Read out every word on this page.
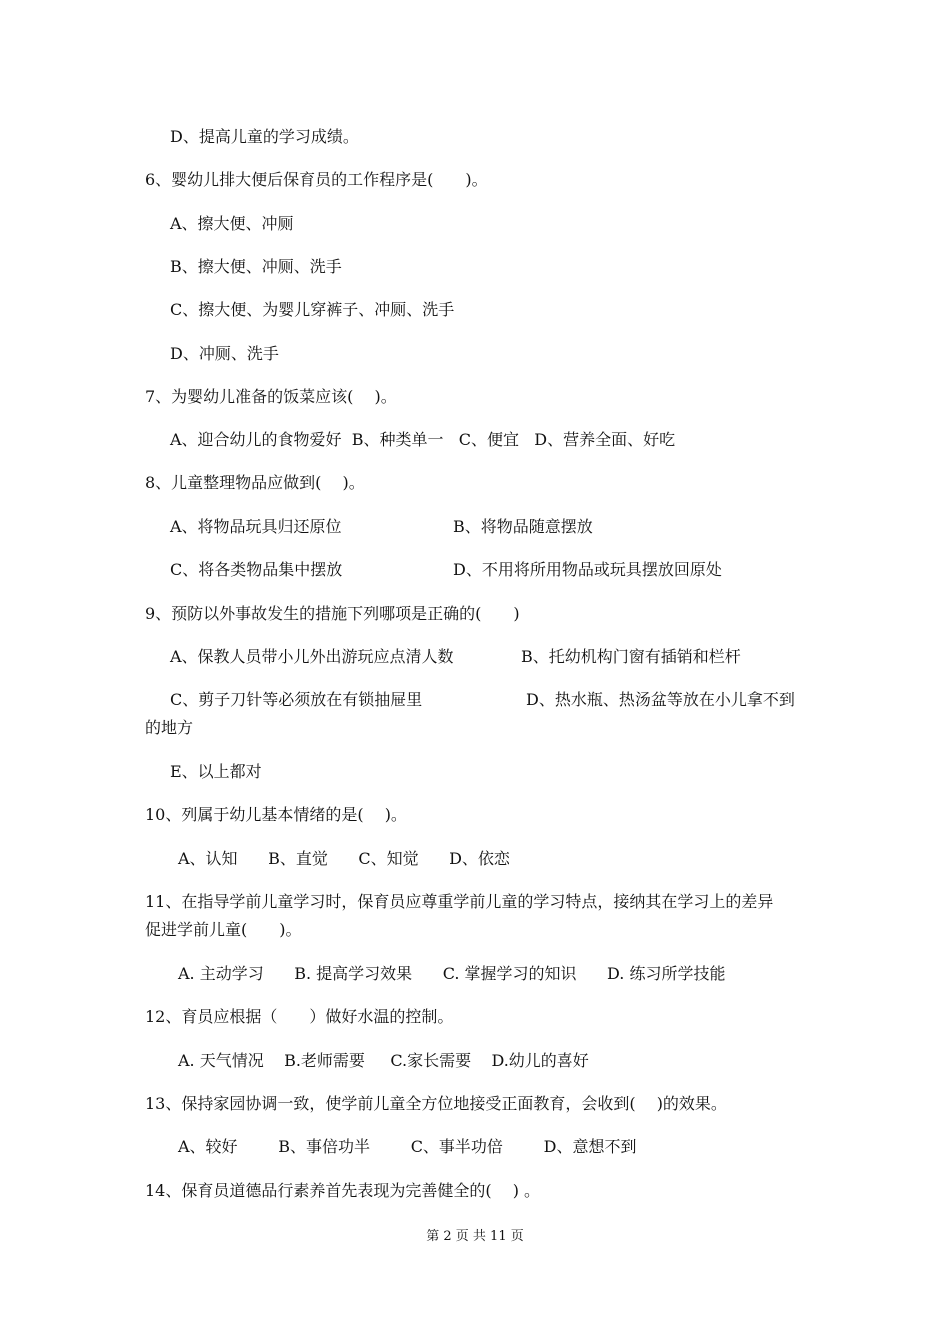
D、提高儿童的学习成绩。
6、婴幼儿排大便后保育员的工作程序是(　　)。
A、擦大便、冲厕
B、擦大便、冲厕、洗手
C、擦大便、为婴儿穿裤子、冲厕、洗手
D、冲厕、洗手
7、为婴幼儿准备的饭菜应该(　 )。
A、迎合幼儿的食物爱好  B、种类单一   C、便宜   D、营养全面、好吃
8、儿童整理物品应做到(　 )。
A、将物品玩具归还原位	B、将物品随意摆放
C、将各类物品集中摆放	D、不用将所用物品或玩具摆放回原处
9、预防以外事故发生的措施下列哪项是正确的(　　)
A、保教人员带小儿外出游玩应点清人数	B、托幼机构门窗有插销和栏杆
C、剪子刀针等必须放在有锁抽屉里	D、热水瓶、热汤盆等放在小儿拿不到
的地方
E、以上都对
10、列属于幼儿基本情绪的是(　 )。
A、认知      B、直觉      C、知觉      D、依恋
11、在指导学前儿童学习时，保育员应尊重学前儿童的学习特点，接纳其在学习上的差异
促进学前儿童(　　)。
A. 主动学习      B. 提高学习效果      C. 掌握学习的知识      D. 练习所学技能
12、育员应根据（　　）做好水温的控制。
A. 天气情况    B.老师需要     C.家长需要    D.幼儿的喜好
13、保持家园协调一致，使学前儿童全方位地接受正面教育，会收到(　 )的效果。
A、较好        B、事倍功半        C、事半功倍        D、意想不到
14、保育员道德品行素养首先表现为完善健全的(　 ) 。
第 2 页 共 11 页
